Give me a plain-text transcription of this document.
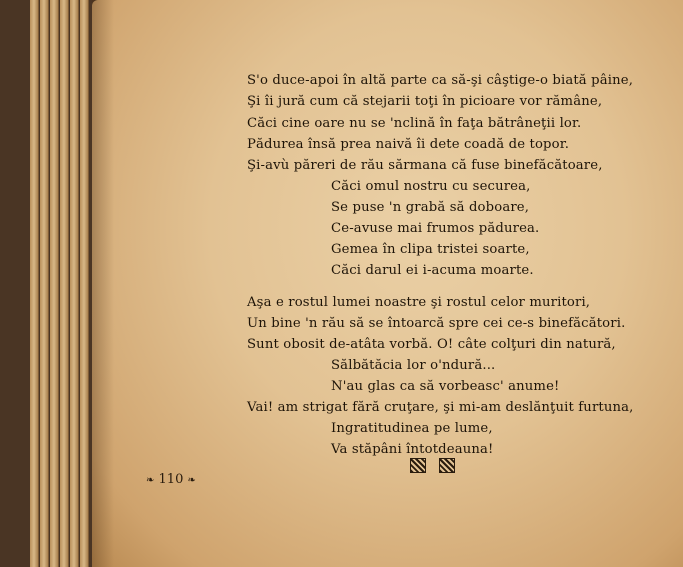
S'o duce-apoi în altă parte ca să-şi câştige-o biată pâine,

Şi îi jură cum că stejarii toţi în picioare vor rămâne,

Căci cine oare nu se 'nclină în faţa bătrâneţii lor.

Pădurea însă prea naivă îi dete coadă de topor.

Şi-avù păreri de rău sărmana că fuse binefăcătoare,

Căci omul nostru cu securea,

Se puse 'n grabă să doboare,

Ce-avuse mai frumos pădurea.

Gemea în clipa tristei soarte,

Căci darul ei i-acuma moarte.

Aşa e rostul lumei noastre şi rostul celor muritori,

Un bine 'n rău să se întoarcă spre cei ce-s binefăcători.

Sunt obosit de-atâta vorbă. O! câte colţuri din natură,

Sălbătăcia lor o'ndură...

N'au glas ca să vorbeasc' anume!

Vai! am strigat fără cruţare, şi mi-am deslănţuit furtuna,

Ingratitudinea pe lume,

Va stăpâni întotdeauna!

❧ 110 ❧
